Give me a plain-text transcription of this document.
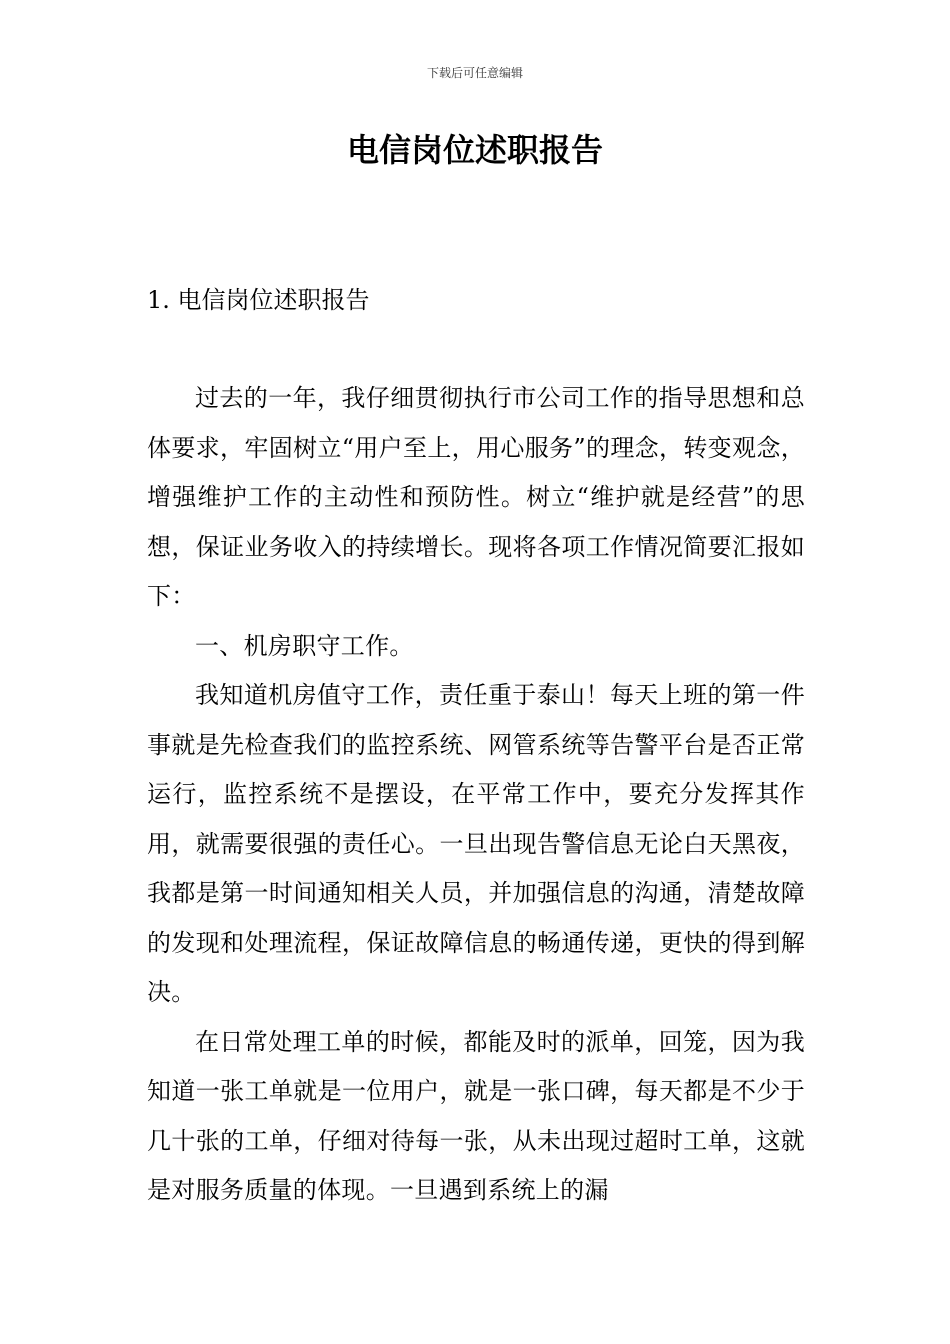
下载后可任意编辑
电信岗位述职报告
1. 电信岗位述职报告

过去的一年，我仔细贯彻执行市公司工作的指导思想和总体要求，牢固树立“用户至上，用心服务”的理念，转变观念，增强维护工作的主动性和预防性。树立“维护就是经营”的思想，保证业务收入的持续增长。现将各项工作情况简要汇报如下：

一、机房职守工作。

我知道机房值守工作，责任重于泰山！每天上班的第一件事就是先检查我们的监控系统、网管系统等告警平台是否正常运行，监控系统不是摆设，在平常工作中，要充分发挥其作用，就需要很强的责任心。一旦出现告警信息无论白天黑夜，我都是第一时间通知相关人员，并加强信息的沟通，清楚故障的发现和处理流程，保证故障信息的畅通传递，更快的得到解决。

在日常处理工单的时候，都能及时的派单，回笼，因为我知道一张工单就是一位用户，就是一张口碑，每天都是不少于几十张的工单，仔细对待每一张，从未出现过超时工单，这就是对服务质量的体现。一旦遇到系统上的漏
